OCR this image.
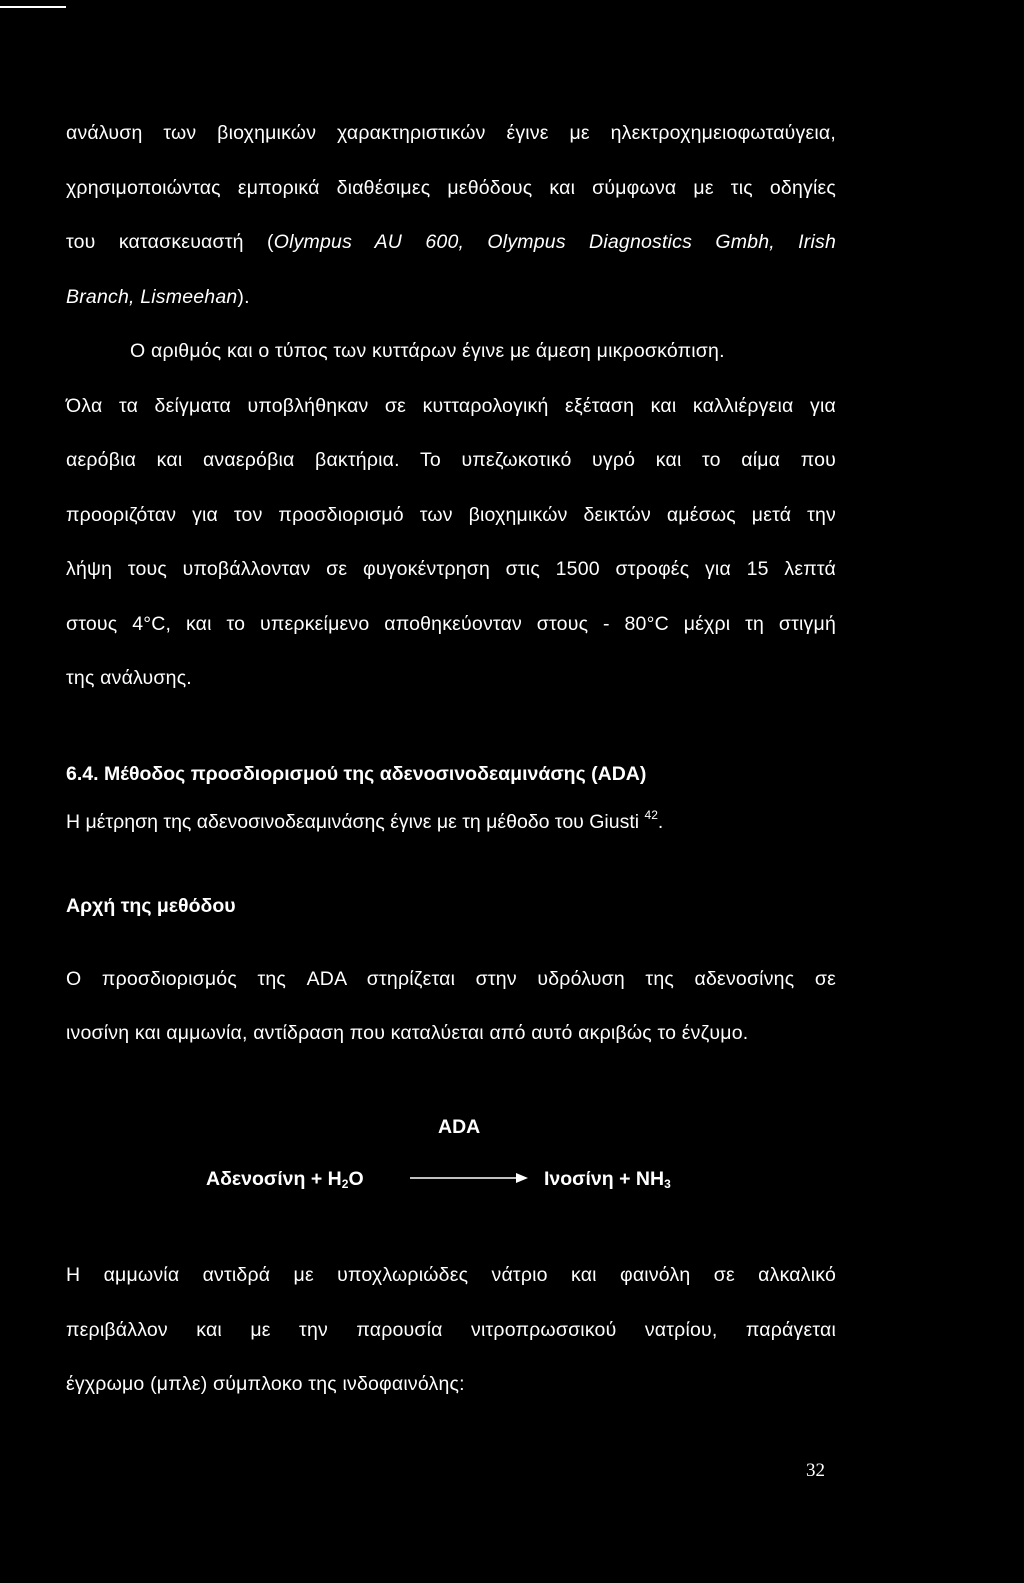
ανάλυση των βιοχημικών χαρακτηριστικών έγινε με ηλεκτροχημειοφωταύγεια,
χρησιμοποιώντας εμπορικά διαθέσιμες μεθόδους και σύμφωνα με τις οδηγίες
του κατασκευαστή (Olympus AU 600, Olympus Diagnostics Gmbh, Irish
Branch, Lismeehan).

Ο αριθμός και ο τύπος των κυττάρων έγινε με άμεση μικροσκόπιση.
Όλα τα δείγματα υποβλήθηκαν σε κυτταρολογική εξέταση και καλλιέργεια για
αερόβια και αναερόβια βακτήρια. Το υπεζωκοτικό υγρό και το αίμα που
προοριζόταν για τον προσδιορισμό των βιοχημικών δεικτών αμέσως μετά την
λήψη τους υποβάλλονταν σε φυγοκέντρηση στις 1500 στροφές για 15 λεπτά
στους 4°C, και το υπερκείμενο αποθηκεύονταν στους - 80°C μέχρι τη στιγμή
της ανάλυσης.

6.4. Μέθοδος προσδιορισμού της αδενοσινοδεαμινάσης (ADA)

Η μέτρηση της αδενοσινοδεαμινάσης έγινε με τη μέθοδο του Giusti $^{42}$.

Αρχή της μεθόδου

Ο προσδιορισμός της ADA στηρίζεται στην υδρόλυση της αδενοσίνης σε
ινοσίνη και αμμωνία, αντίδραση που καταλύεται από αυτό ακριβώς το ένζυμο.

ADA
$A\delta\varepsilon\nu o\sigma ί\nu\eta + H_2O$	$I\nu o\sigma ί\nu\eta + NH_3$

Η αμμωνία αντιδρά με υποχλωριώδες νάτριο και φαινόλη σε αλκαλικό
περιβάλλον και με την παρουσία νιτροπρωσσικού νατρίου, παράγεται
έγχρωμο (μπλε) σύμπλοκο της ινδοφαινόλης:

32
